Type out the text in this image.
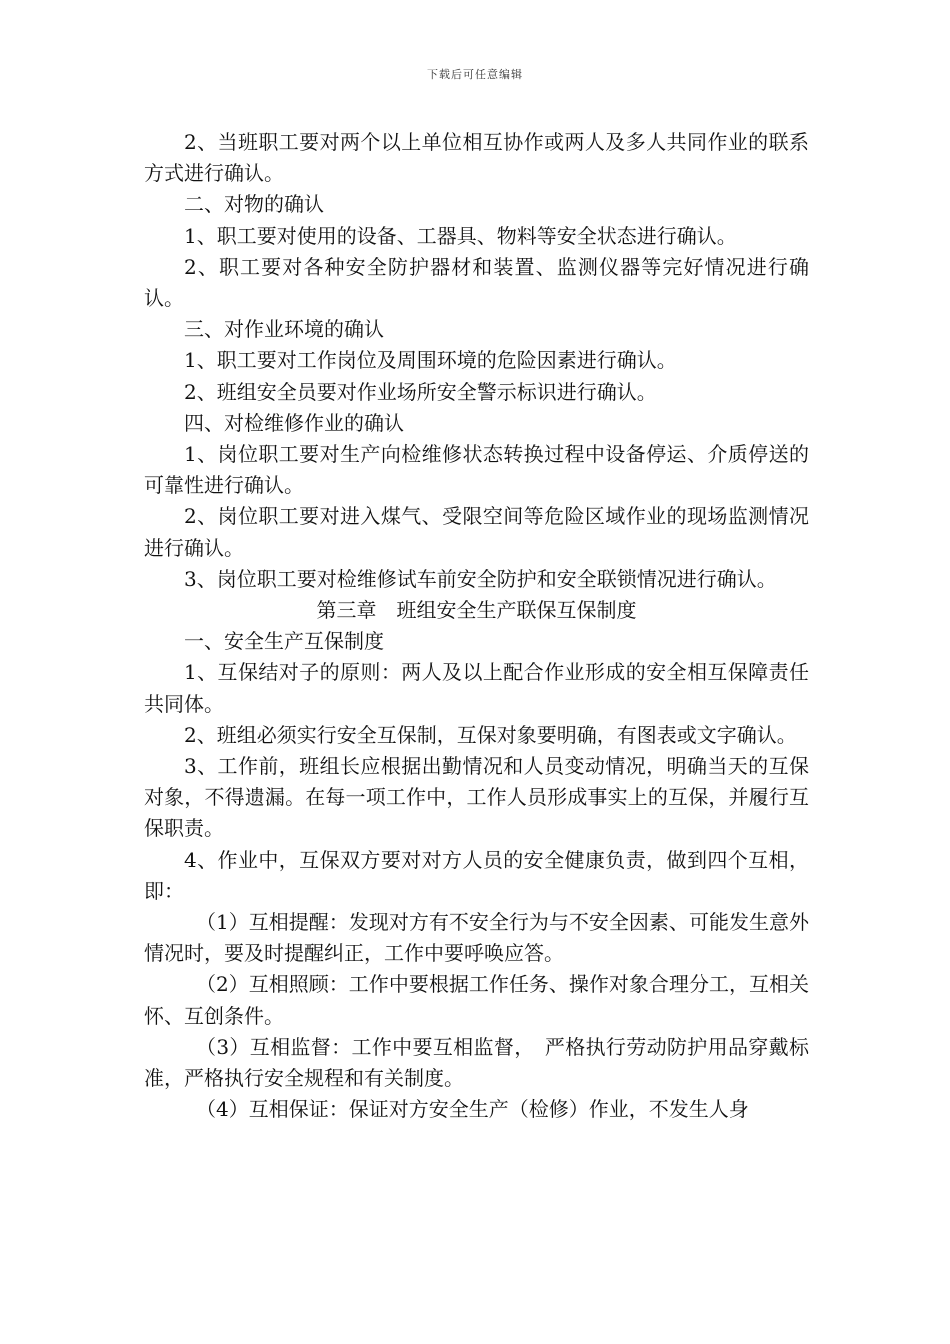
下载后可任意编辑

2、当班职工要对两个以上单位相互协作或两人及多人共同作业的联系方式进行确认。

二、对物的确认

1、职工要对使用的设备、工器具、物料等安全状态进行确认。

2、职工要对各种安全防护器材和装置、监测仪器等完好情况进行确认。

三、对作业环境的确认

1、职工要对工作岗位及周围环境的危险因素进行确认。

2、班组安全员要对作业场所安全警示标识进行确认。

四、对检维修作业的确认

1、岗位职工要对生产向检维修状态转换过程中设备停运、介质停送的可靠性进行确认。

2、岗位职工要对进入煤气、受限空间等危险区域作业的现场监测情况进行确认。

3、岗位职工要对检维修试车前安全防护和安全联锁情况进行确认。

第三章　班组安全生产联保互保制度

一、安全生产互保制度

1、互保结对子的原则：两人及以上配合作业形成的安全相互保障责任共同体。

2、班组必须实行安全互保制，互保对象要明确，有图表或文字确认。

3、工作前，班组长应根据出勤情况和人员变动情况，明确当天的互保对象，不得遗漏。在每一项工作中，工作人员形成事实上的互保，并履行互保职责。

4、作业中，互保双方要对对方人员的安全健康负责，做到四个互相，即：

（1）互相提醒：发现对方有不安全行为与不安全因素、可能发生意外情况时，要及时提醒纠正，工作中要呼唤应答。

（2）互相照顾：工作中要根据工作任务、操作对象合理分工，互相关怀、互创条件。

（3）互相监督：工作中要互相监督，　严格执行劳动防护用品穿戴标准，严格执行安全规程和有关制度。

（4）互相保证：保证对方安全生产（检修）作业，不发生人身
